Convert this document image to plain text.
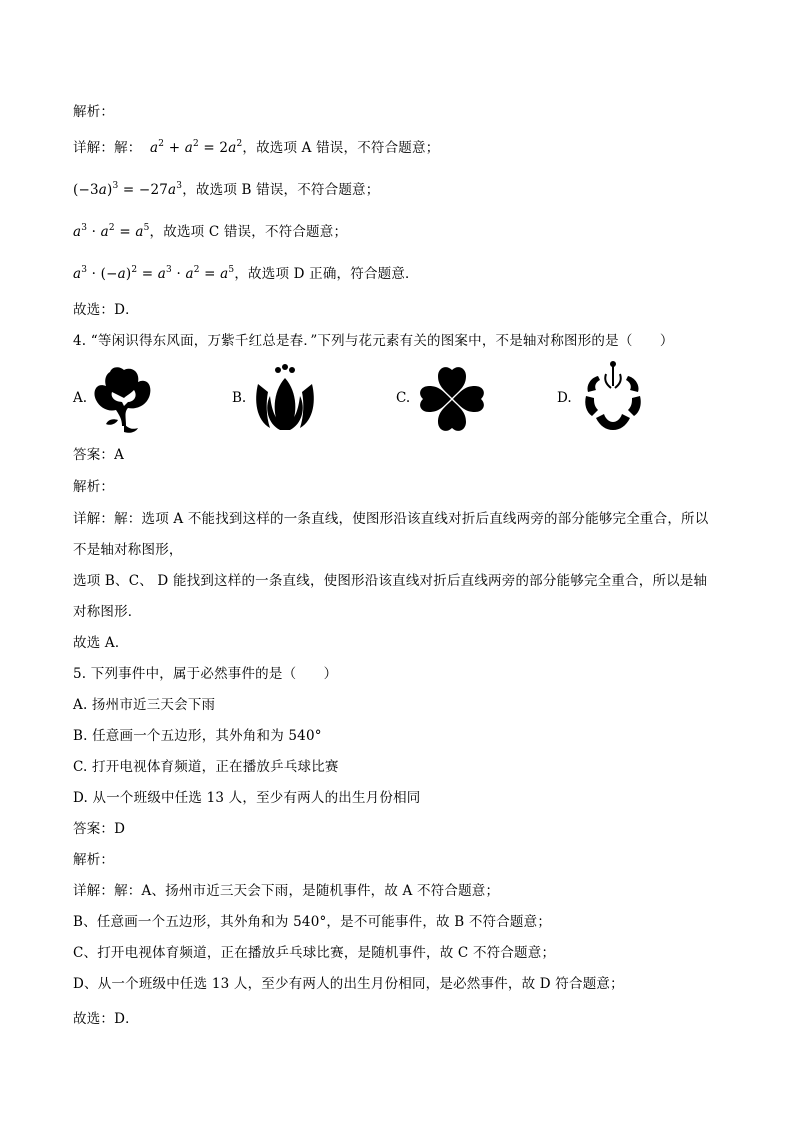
解析：
详解：解： $a^2 + a^2 = 2a^2$，故选项 A 错误，不符合题意；
$(-3a)^3 = -27a^3$，故选项 B 错误，不符合题意；
$a^3 \cdot a^2 = a^5$，故选项 C 错误，不符合题意；
$a^3 \cdot (-a)^2 = a^3 \cdot a^2 = a^5$，故选项 D 正确，符合题意．
故选：D．
4. “等闲识得东风面，万紫千红总是春．”下列与花元素有关的图案中，不是轴对称图形的是（　　）
A.	B.	C.	D.
答案：A
解析：
详解：解：选项 A 不能找到这样的一条直线，使图形沿该直线对折后直线两旁的部分能够完全重合，所以
不是轴对称图形，
选项 B、C、 D 能找到这样的一条直线，使图形沿该直线对折后直线两旁的部分能够完全重合，所以是轴
对称图形．
故选 A．
5. 下列事件中，属于必然事件的是（　　）
A. 扬州市近三天会下雨
B. 任意画一个五边形，其外角和为 540°
C. 打开电视体育频道，正在播放乒乓球比赛
D. 从一个班级中任选 13 人，至少有两人的出生月份相同
答案：D
解析：
详解：解：A、扬州市近三天会下雨，是随机事件，故 A 不符合题意；
B、任意画一个五边形，其外角和为 540°，是不可能事件，故 B 不符合题意；
C、打开电视体育频道，正在播放乒乓球比赛，是随机事件，故 C 不符合题意；
D、从一个班级中任选 13 人，至少有两人的出生月份相同，是必然事件，故 D 符合题意；
故选：D．
